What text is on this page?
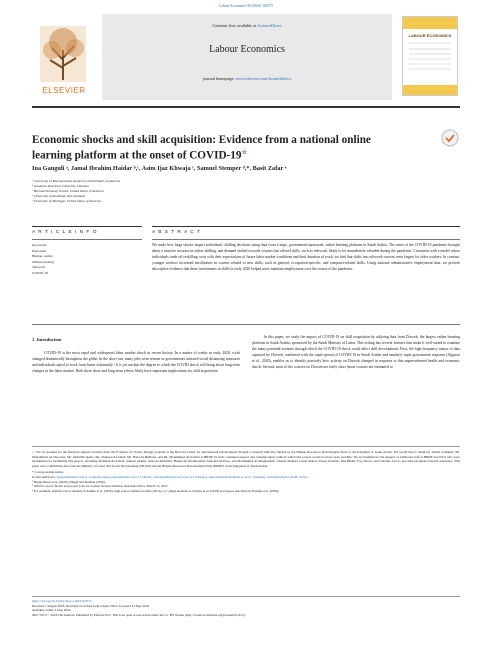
Labour Economics 90 (2024) 102575
ELSEVIER
Contents lists available at ScienceDirect
Labour Economics
journal homepage: www.elsevier.com/locate/labeco
LABOUR ECONOMICS
Economic shocks and skill acquisition: Evidence from a national online
learning platform at the onset of COVID-19☆
Ina Ganguli ᵃ, Jamal Ibrahim Haidar ᵇ,ᶜ, Asim Ijaz Khwaja ᶜ, Samuel Stemper ᵈ,*, Basit Zafar ᵉ
ᵃ University of Massachusetts Amherst, United States of America
ᵇ Lebanese American University, Lebanon
ᶜ Harvard Kennedy School, United States of America
ᵈ University of Auckland, New Zealand
ᵉ University of Michigan, United States of America
A R T I C L E I N F O	A B S T R A C T
Keywords:
Education
Human capital
Online learning
Telework
COVID-19
We study how large shocks impact individuals' skilling decisions using data from a large, government-sponsored, online learning platform in Saudi Arabia. The onset of the COVID-19 pandemic brought about a massive increase in online skilling, and demand shifted towards courses that offered skills, such as telework, likely to be immediately valuable during the pandemic. Consistent with a model where individuals trade off reskilling costs with their expectations of future labor market conditions and their duration of work, we find that shifts into telework courses were largest for older workers. In contrast, younger workers increased enrollments in courses related to new skills, such as general, occupation-specific, and computer-related skills. Using national administrative employment data, we provide descriptive evidence that these investments in skills in early 2020 helped users maintain employment over the course of the pandemic.
1. Introduction
COVID-19 is the most rapid and widespread labor market shock in recent history. In a matter of weeks in early 2020, work changed dramatically throughout the globe. In the short-run, many jobs went remote as governments initiated social distancing measures and individuals opted to work from home voluntarily.¹ It is yet unclear the degree to which the COVID shock will bring about long-term changes in the labor market. Both these short and long-term effects likely have important implications for skill acquisition.
In this paper, we study the impact of COVID-19 on skill acquisition by utilizing data from Doroob, the largest online learning platform in Saudi Arabia, sponsored by the Saudi Ministry of Labor. This setting has several features that make it well-suited to examine the many potential avenues through which the COVID-19 shock could affect skill development. First, the high-frequency nature of data captured by Doroob, combined with the rapid spread of COVID-19 in Saudi Arabia and similarly rapid government response (Algaissi et al., 2020), enables us to identify precisely how activity on Doroob changed in response to this unprecedented health and economic shock. Second, most of the courses on Doroob are fairly short (most courses are estimated to
☆ We are grateful for the financial support awarded from the Evidence for Policy Design program at the Harvard Center for International Development through a research initiative funded by the Human Resources Development Fund of the Kingdom of Saudi Arabia. We would like to thank Dr. Jomah al-Hamzi, Mr. Mohammed Al-Showaier, Mr. Abdullah Quaiz, Ms. Shaheen Al-Zahdi, Mr. Hana Al-Belihees, and Mr. Mohammed Al-Sulami at HRDF for their continued support and valuable input, without which this project would not have been possible. We are thankful for the support of additional staff at HRDF and NLO who were instrumental in facilitating this project, including Abdullah Al-Sabaai, Sameer Alamri, Anas Al-Khuzaiki, Hadeel Al-Abdulwahed, Alanoud Al-Dosa, and Mohammed Al-Moghaisheb. Ghaida Alamari, Luma Akkad, Yasera Kashlan, Isha Bhatti, Foy Terrett, and Gabriela Lecaro provided excellent research assistance. This paper uses confidential data from the Ministry of Labor and Social Development (MLSD) and the Human Resources Development Fund (HRDF) of the Kingdom of Saudi Arabia.
* Corresponding author.
E-mail addresses: iganguli@umass.edu (I. Ganguli), haidar.jamal@gmail.com (J.I. Haidar), khwaja@hks.harvard.edu (A.I. Khwaja), sam.stemper@auckland.ac.nz (S. Stemper), basitak@gmail.com (B. Zafar).
¹ Brynjolfsson et al. (2020), Dingel and Neiman (2020).
² Small to boost 'decent and proper' jobs for women and the disabled, Alarabiya News, March 15, 2017.
³ For example, middle school students in Ashiku et al. (2020), high school students in Aiko (2014), or college students in Charles et al. (2018) and papers described in Patnaik et al. (2020).
https://doi.org/10.1016/j.labeco.2024.102575
Received 7 August 2023; Received in revised form 4 April 2024; Accepted 23 May 2024
Available online 3 June 2024
0927-5371/© 2024 The Authors. Published by Elsevier B.V. This is an open access article under the CC BY license (http://creativecommons.org/licenses/by/4.0/).
